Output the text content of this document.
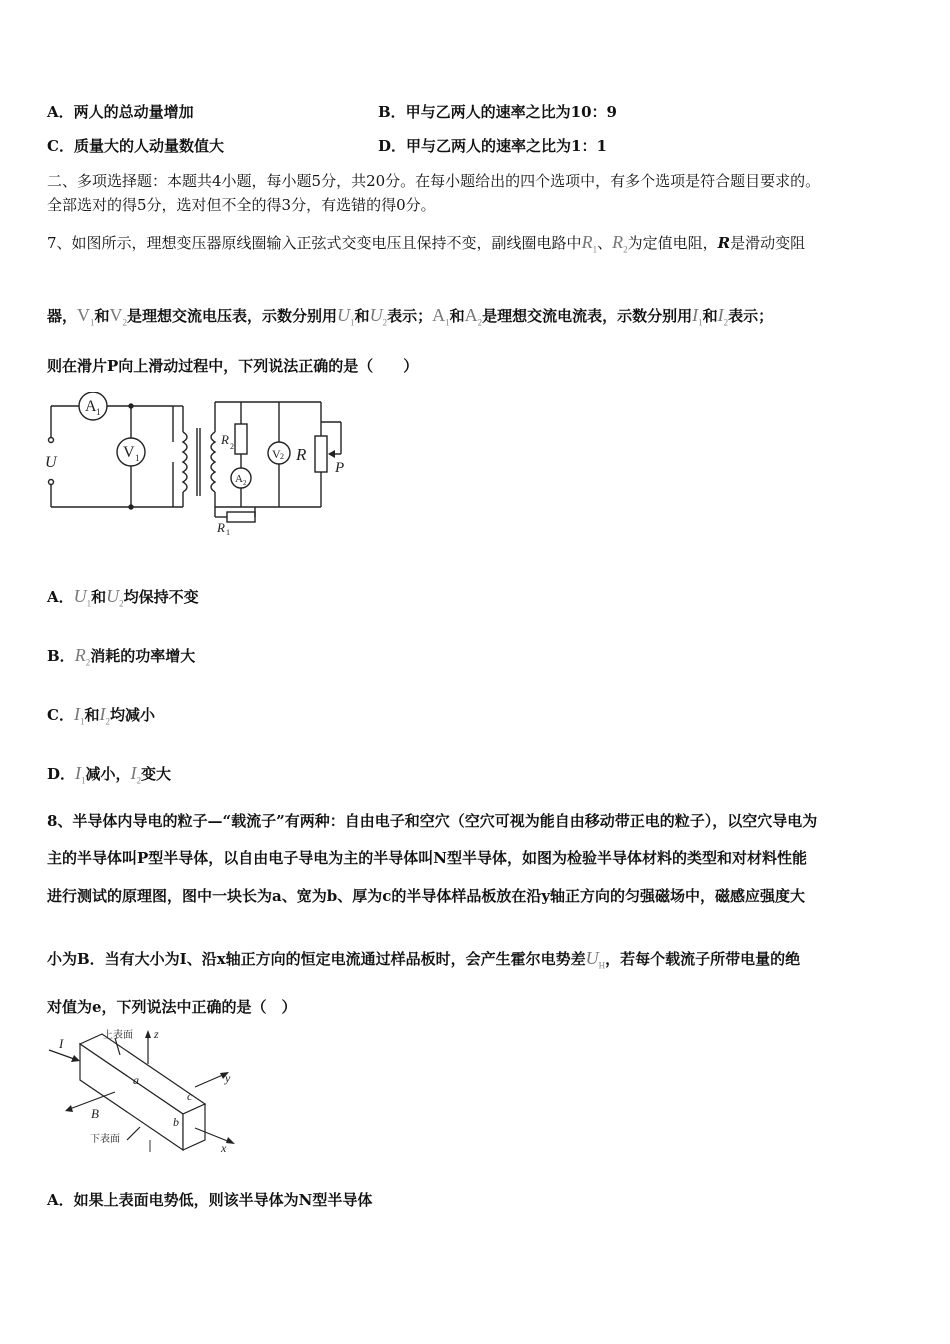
A．两人的总动量增加	B．甲与乙两人的速率之比为10：9
C．质量大的人动量数值大	D．甲与乙两人的速率之比为1：1
二、多项选择题：本题共4小题，每小题5分，共20分。在每小题给出的四个选项中，有多个选项是符合题目要求的。
全部选对的得5分，选对但不全的得3分，有选错的得0分。
7、如图所示，理想变压器原线圈输入正弦式交变电压且保持不变，副线圈电路中$R_1$、$R_2$为定值电阻，R是滑动变阻
器，$V_1$和$V_2$是理想交流电压表，示数分别用$U_1$和$U_2$表示；$A_1$和$A_2$是理想交流电流表，示数分别用$I_1$和$I_2$表示；
则在滑片P向上滑动过程中，下列说法正确的是（　　）
U
A 1
V 1
R 2
A 2
V 2 R
P
R 1
A．$U_1$和$U_2$均保持不变
B．$R_2$消耗的功率增大
C．$I_1$和$I_2$均减小
D．$I_1$减小，$I_2$变大
8、半导体内导电的粒子—“载流子”有两种：自由电子和空穴（空穴可视为能自由移动带正电的粒子），以空穴导电为
主的半导体叫P型半导体，以自由电子导电为主的半导体叫N型半导体，如图为检验半导体材料的类型和对材料性能
进行测试的原理图，图中一块长为a、宽为b、厚为c的半导体样品板放在沿y轴正方向的匀强磁场中，磁感应强度大
小为B．当有大小为I、沿x轴正方向的恒定电流通过样品板时，会产生霍尔电势差$U_H$，若每个载流子所带电量的绝
对值为e，下列说法中正确的是（　）
I
上表面 z
y
a
c
B
b
下表面
x
A．如果上表面电势低，则该半导体为N型半导体
